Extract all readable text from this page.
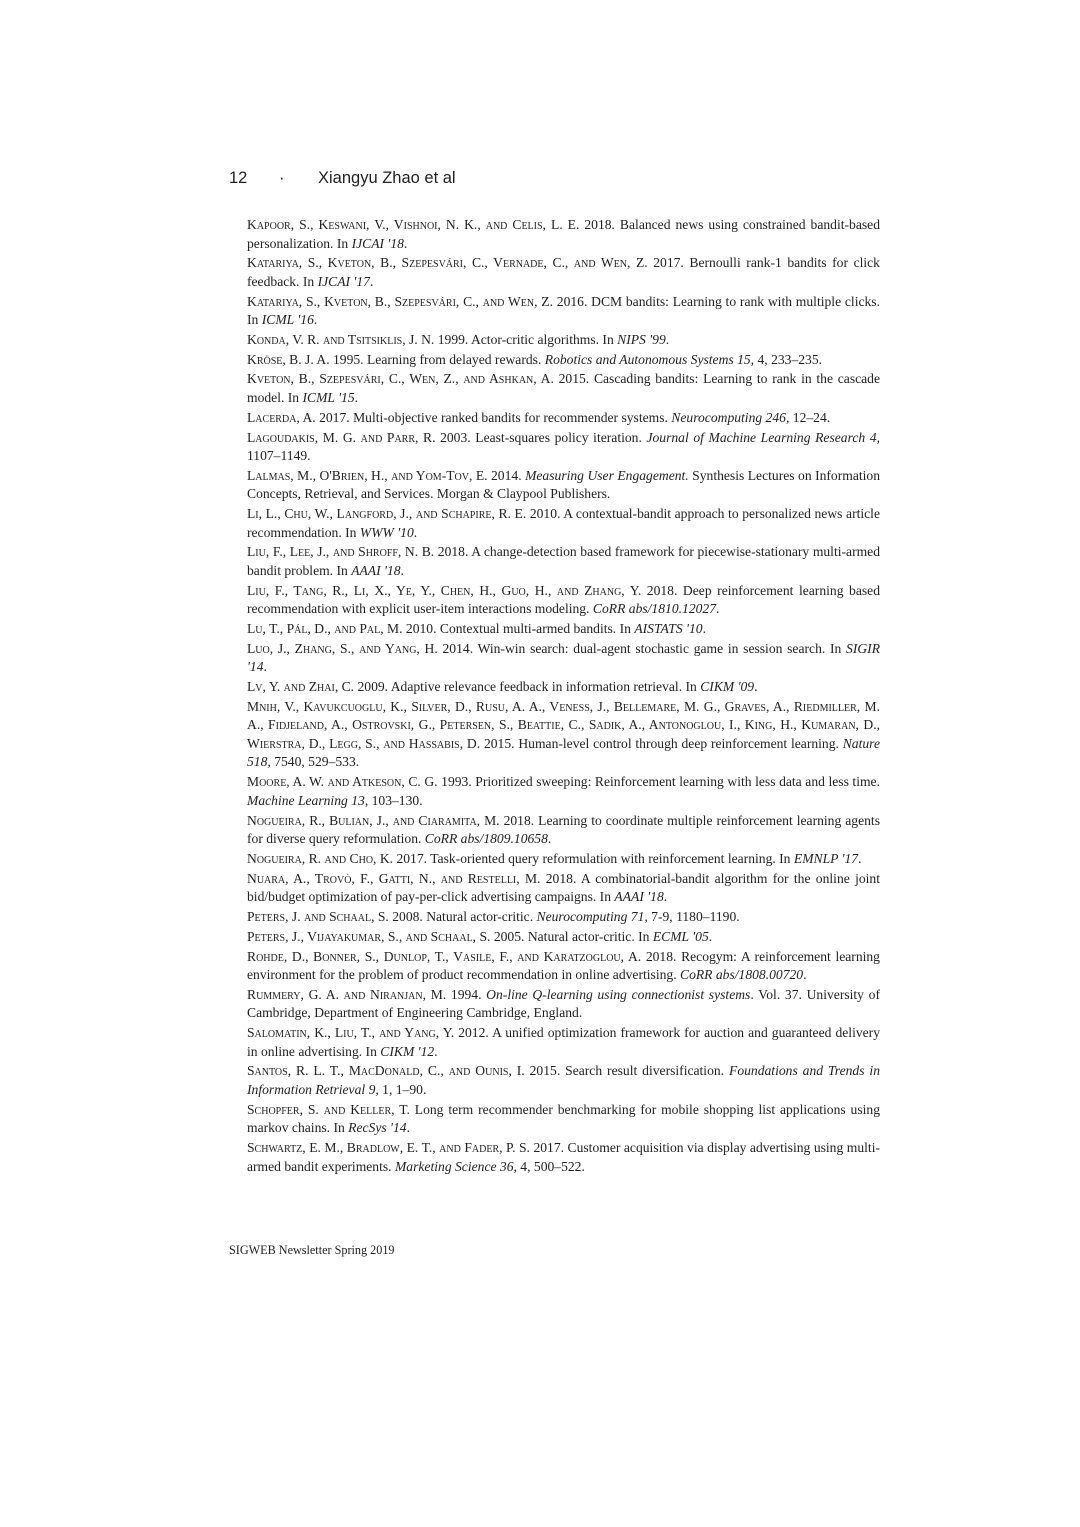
12 · Xiangyu Zhao et al
Kapoor, S., Keswani, V., Vishnoi, N. K., and Celis, L. E. 2018. Balanced news using constrained bandit-based personalization. In IJCAI '18.
Katariya, S., Kveton, B., Szepesvári, C., Vernade, C., and Wen, Z. 2017. Bernoulli rank-1 bandits for click feedback. In IJCAI '17.
Katariya, S., Kveton, B., Szepesvári, C., and Wen, Z. 2016. DCM bandits: Learning to rank with multiple clicks. In ICML '16.
Konda, V. R. and Tsitsiklis, J. N. 1999. Actor-critic algorithms. In NIPS '99.
Kröse, B. J. A. 1995. Learning from delayed rewards. Robotics and Autonomous Systems 15, 4, 233–235.
Kveton, B., Szepesvári, C., Wen, Z., and Ashkan, A. 2015. Cascading bandits: Learning to rank in the cascade model. In ICML '15.
Lacerda, A. 2017. Multi-objective ranked bandits for recommender systems. Neurocomputing 246, 12–24.
Lagoudakis, M. G. and Parr, R. 2003. Least-squares policy iteration. Journal of Machine Learning Research 4, 1107–1149.
Lalmas, M., O'Brien, H., and Yom-Tov, E. 2014. Measuring User Engagement. Synthesis Lectures on Information Concepts, Retrieval, and Services. Morgan & Claypool Publishers.
Li, L., Chu, W., Langford, J., and Schapire, R. E. 2010. A contextual-bandit approach to personalized news article recommendation. In WWW '10.
Liu, F., Lee, J., and Shroff, N. B. 2018. A change-detection based framework for piecewise-stationary multi-armed bandit problem. In AAAI '18.
Liu, F., Tang, R., Li, X., Ye, Y., Chen, H., Guo, H., and Zhang, Y. 2018. Deep reinforcement learning based recommendation with explicit user-item interactions modeling. CoRR abs/1810.12027.
Lu, T., Pál, D., and Pal, M. 2010. Contextual multi-armed bandits. In AISTATS '10.
Luo, J., Zhang, S., and Yang, H. 2014. Win-win search: dual-agent stochastic game in session search. In SIGIR '14.
Lv, Y. and Zhai, C. 2009. Adaptive relevance feedback in information retrieval. In CIKM '09.
Mnih, V., Kavukcuoglu, K., Silver, D., Rusu, A. A., Veness, J., Bellemare, M. G., Graves, A., Riedmiller, M. A., Fidjeland, A., Ostrovski, G., Petersen, S., Beattie, C., Sadik, A., Antonoglou, I., King, H., Kumaran, D., Wierstra, D., Legg, S., and Hassabis, D. 2015. Human-level control through deep reinforcement learning. Nature 518, 7540, 529–533.
Moore, A. W. and Atkeson, C. G. 1993. Prioritized sweeping: Reinforcement learning with less data and less time. Machine Learning 13, 103–130.
Nogueira, R., Bulian, J., and Ciaramita, M. 2018. Learning to coordinate multiple reinforcement learning agents for diverse query reformulation. CoRR abs/1809.10658.
Nogueira, R. and Cho, K. 2017. Task-oriented query reformulation with reinforcement learning. In EMNLP '17.
Nuara, A., Trovò, F., Gatti, N., and Restelli, M. 2018. A combinatorial-bandit algorithm for the online joint bid/budget optimization of pay-per-click advertising campaigns. In AAAI '18.
Peters, J. and Schaal, S. 2008. Natural actor-critic. Neurocomputing 71, 7-9, 1180–1190.
Peters, J., Vijayakumar, S., and Schaal, S. 2005. Natural actor-critic. In ECML '05.
Rohde, D., Bonner, S., Dunlop, T., Vasile, F., and Karatzoglou, A. 2018. Recogym: A reinforcement learning environment for the problem of product recommendation in online advertising. CoRR abs/1808.00720.
Rummery, G. A. and Niranjan, M. 1994. On-line Q-learning using connectionist systems. Vol. 37. University of Cambridge, Department of Engineering Cambridge, England.
Salomatin, K., Liu, T., and Yang, Y. 2012. A unified optimization framework for auction and guaranteed delivery in online advertising. In CIKM '12.
Santos, R. L. T., MacDonald, C., and Ounis, I. 2015. Search result diversification. Foundations and Trends in Information Retrieval 9, 1, 1–90.
Schopfer, S. and Keller, T. Long term recommender benchmarking for mobile shopping list applications using markov chains. In RecSys '14.
Schwartz, E. M., Bradlow, E. T., and Fader, P. S. 2017. Customer acquisition via display advertising using multi-armed bandit experiments. Marketing Science 36, 4, 500–522.
SIGWEB Newsletter Spring 2019
